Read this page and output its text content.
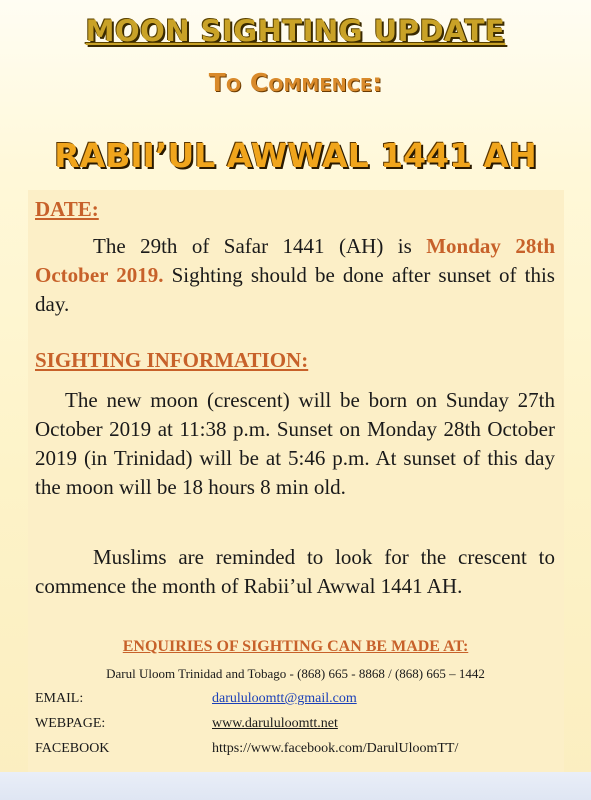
MOON SIGHTING UPDATE
To Commence:
RABII’UL AWWAL 1441 AH
DATE:
The 29th of Safar 1441 (AH) is Monday 28th October 2019. Sighting should be done after sunset of this day.
SIGHTING INFORMATION:
The new moon (crescent) will be born on Sunday 27th October 2019 at 11:38 p.m. Sunset on Monday 28th October 2019 (in Trinidad) will be at 5:46 p.m. At sunset of this day the moon will be 18 hours 8 min old.
Muslims are reminded to look for the crescent to commence the month of Rabii’ul Awwal 1441 AH.
ENQUIRIES OF SIGHTING CAN BE MADE AT:
Darul Uloom Trinidad and Tobago - (868) 665 - 8868 / (868) 665 – 1442
EMAIL:	darululoomtt@gmail.com
WEBPAGE:	www.darululoomtt.net
FACEBOOK	https://www.facebook.com/DarulUloomTT/
